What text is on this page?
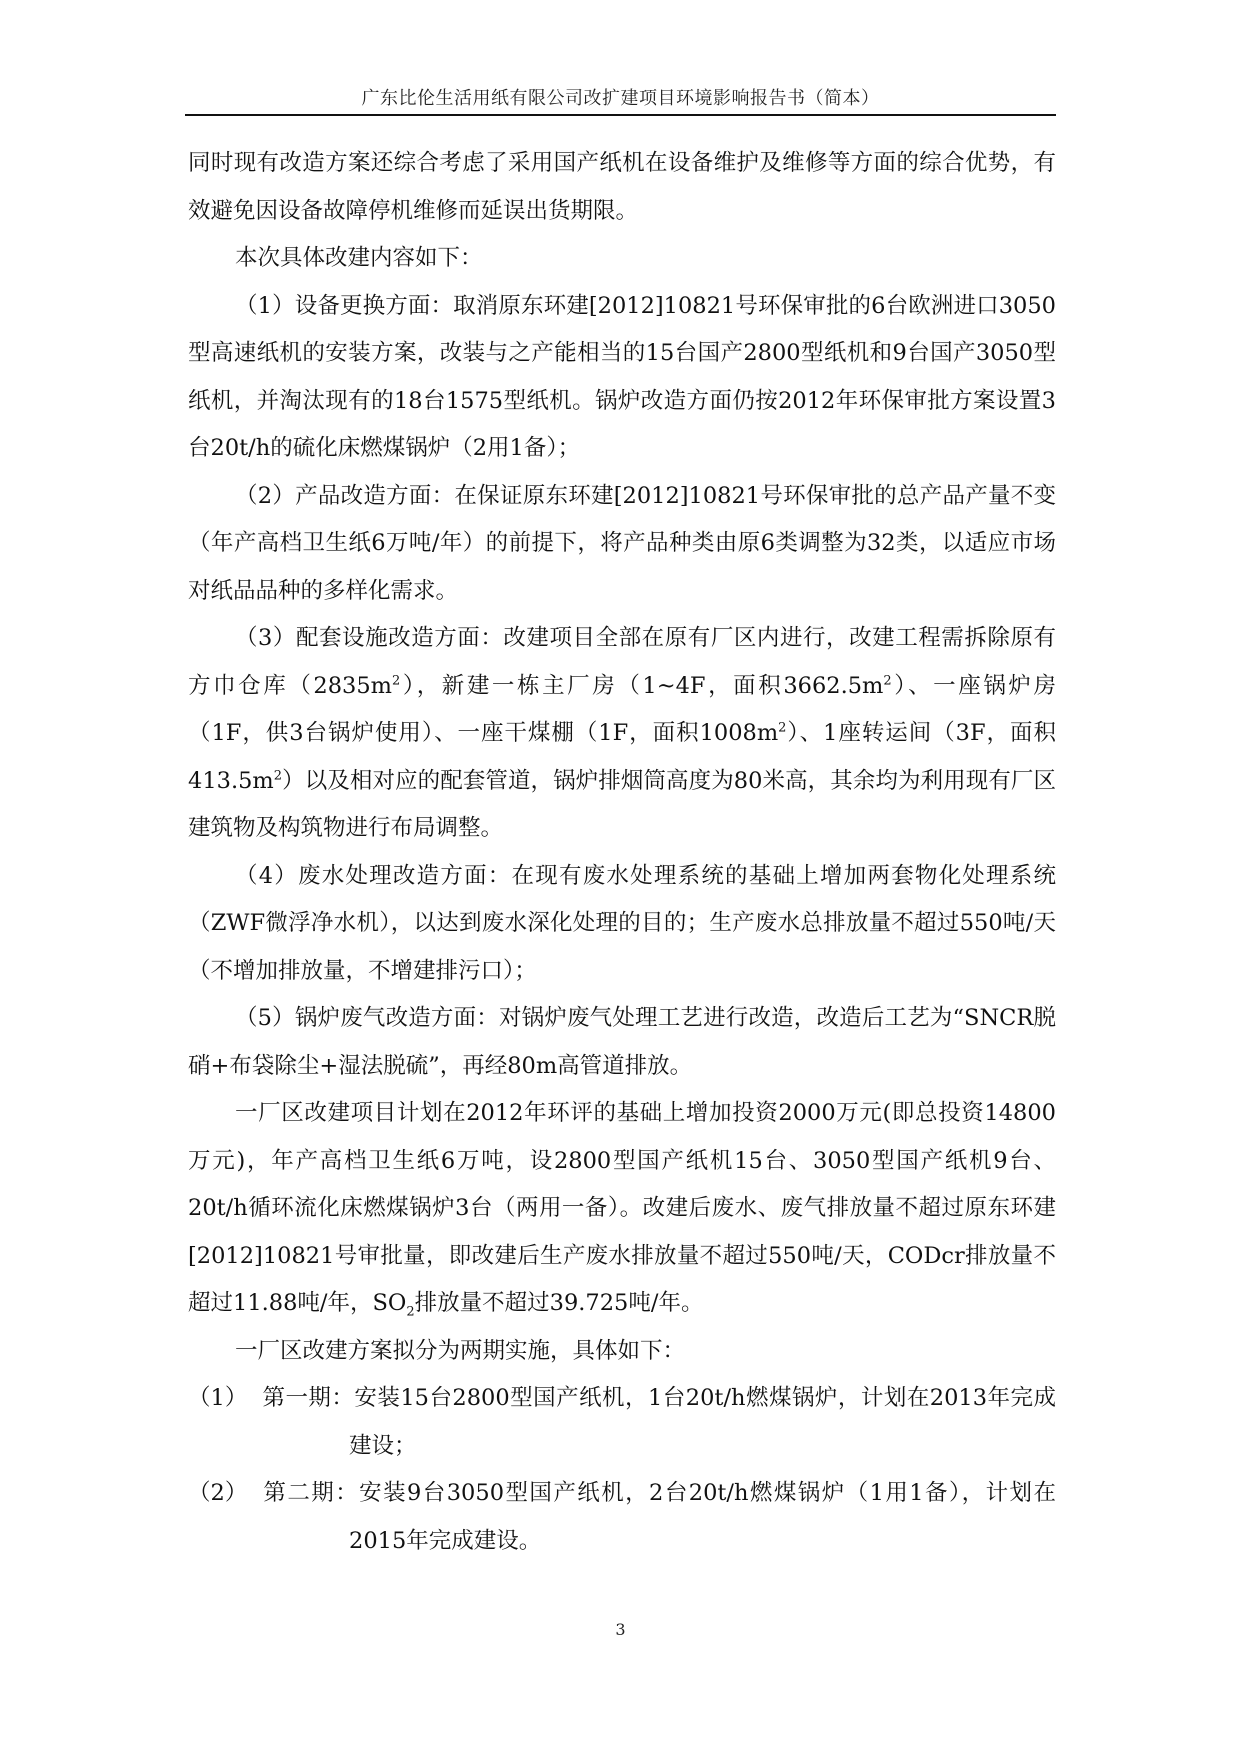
广东比伦生活用纸有限公司改扩建项目环境影响报告书（简本）

同时现有改造方案还综合考虑了采用国产纸机在设备维护及维修等方面的综合优势，有效避免因设备故障停机维修而延误出货期限。

本次具体改建内容如下：

（1）设备更换方面：取消原东环建[2012]10821号环保审批的6台欧洲进口3050型高速纸机的安装方案，改装与之产能相当的15台国产2800型纸机和9台国产3050型纸机，并淘汰现有的18台1575型纸机。锅炉改造方面仍按2012年环保审批方案设置3台20t/h的硫化床燃煤锅炉（2用1备）；

（2）产品改造方面：在保证原东环建[2012]10821号环保审批的总产品产量不变（年产高档卫生纸6万吨/年）的前提下，将产品种类由原6类调整为32类，以适应市场对纸品品种的多样化需求。

（3）配套设施改造方面：改建项目全部在原有厂区内进行，改建工程需拆除原有方巾仓库$(2835m^2)$，新建一栋主厂房（1~4F，面积$3662.5m^2$）、一座锅炉房（1F，供3台锅炉使用）、一座干煤棚（1F，面积$1008m^2$）、1座转运间（3F，面积$413.5m^2$）以及相对应的配套管道，锅炉排烟筒高度为80米高，其余均为利用现有厂区建筑物及构筑物进行布局调整。

（4）废水处理改造方面：在现有废水处理系统的基础上增加两套物化处理系统（ZWF微浮净水机），以达到废水深化处理的目的；生产废水总排放量不超过550吨/天（不增加排放量，不增建排污口）；

（5）锅炉废气改造方面：对锅炉废气处理工艺进行改造，改造后工艺为“SNCR脱硝+布袋除尘+湿法脱硫”，再经80m高管道排放。

一厂区改建项目计划在2012年环评的基础上增加投资2000万元(即总投资14800万元)，年产高档卫生纸6万吨，设2800型国产纸机15台、3050型国产纸机9台、20t/h循环流化床燃煤锅炉3台（两用一备）。改建后废水、废气排放量不超过原东环建[2012]10821号审批量，即改建后生产废水排放量不超过550吨/天，CODcr排放量不超过11.88吨/年，$SO_2$排放量不超过39.725吨/年。

一厂区改建方案拟分为两期实施，具体如下：

（1） 第一期：安装15台2800型国产纸机，1台20t/h燃煤锅炉，计划在2013年完成建设；

（2） 第二期：安装9台3050型国产纸机，2台20t/h燃煤锅炉（1用1备），计划在2015年完成建设。

3
